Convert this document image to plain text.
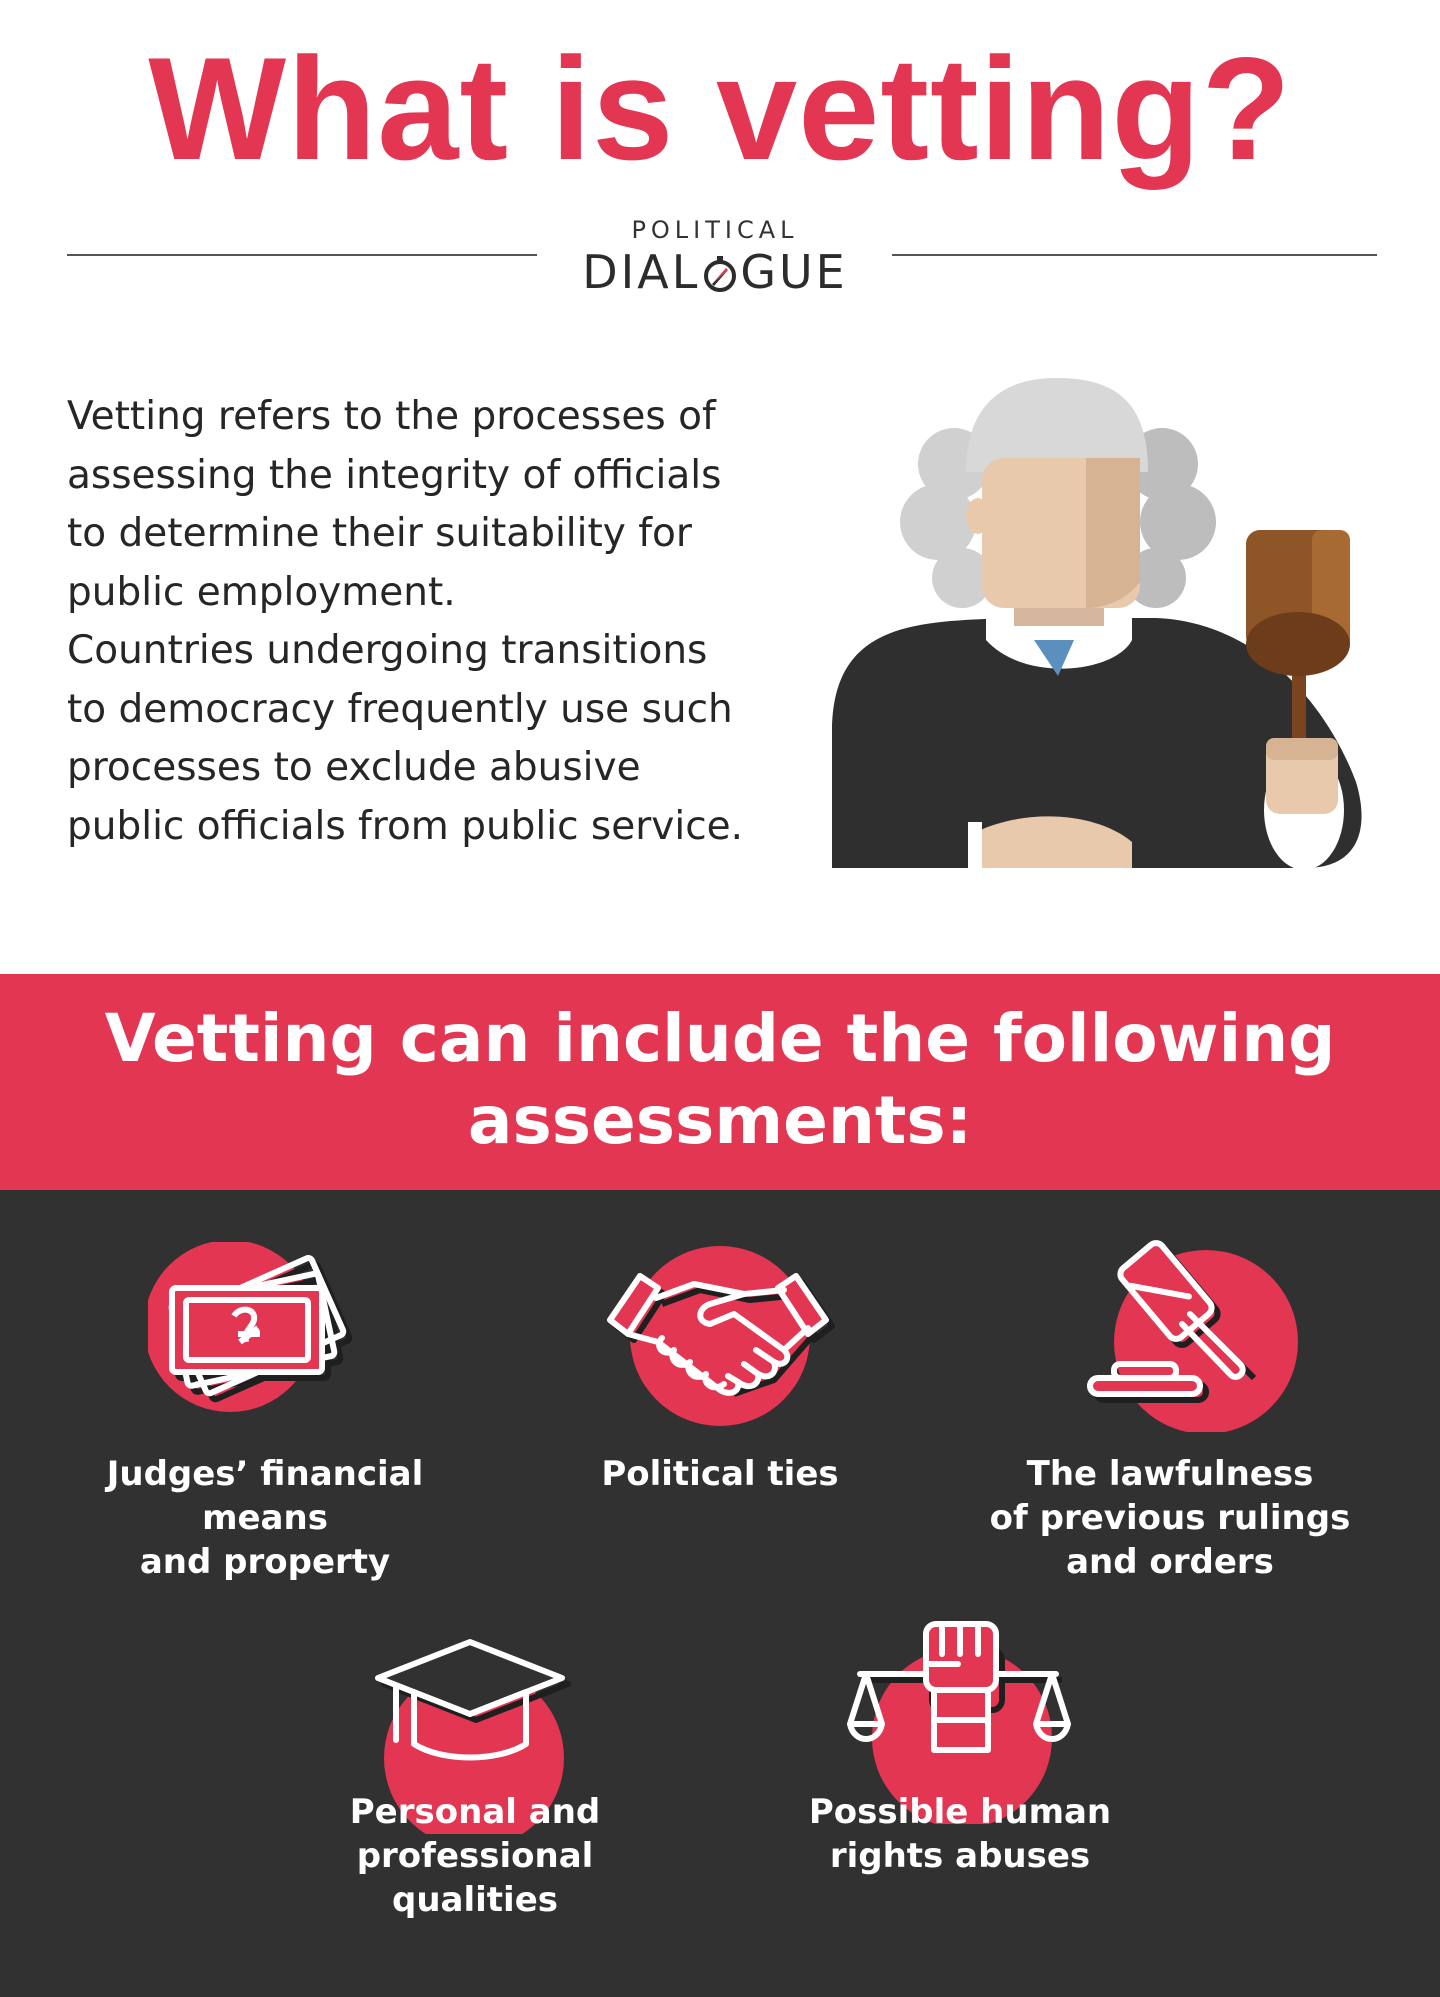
What is vetting?
POLITICAL
DIAL GUE

Vetting refers to the processes of
assessing the integrity of officials
to determine their suitability for
public employment.
Countries undergoing transitions
to democracy frequently use such
processes to exclude abusive
public officials from public service.

Vetting can include the following assessments:
Judges’ financial means
and property
Political ties	The lawfulness
of previous rulings
and orders
Personal and
professional
qualities
Possible human
rights abuses
